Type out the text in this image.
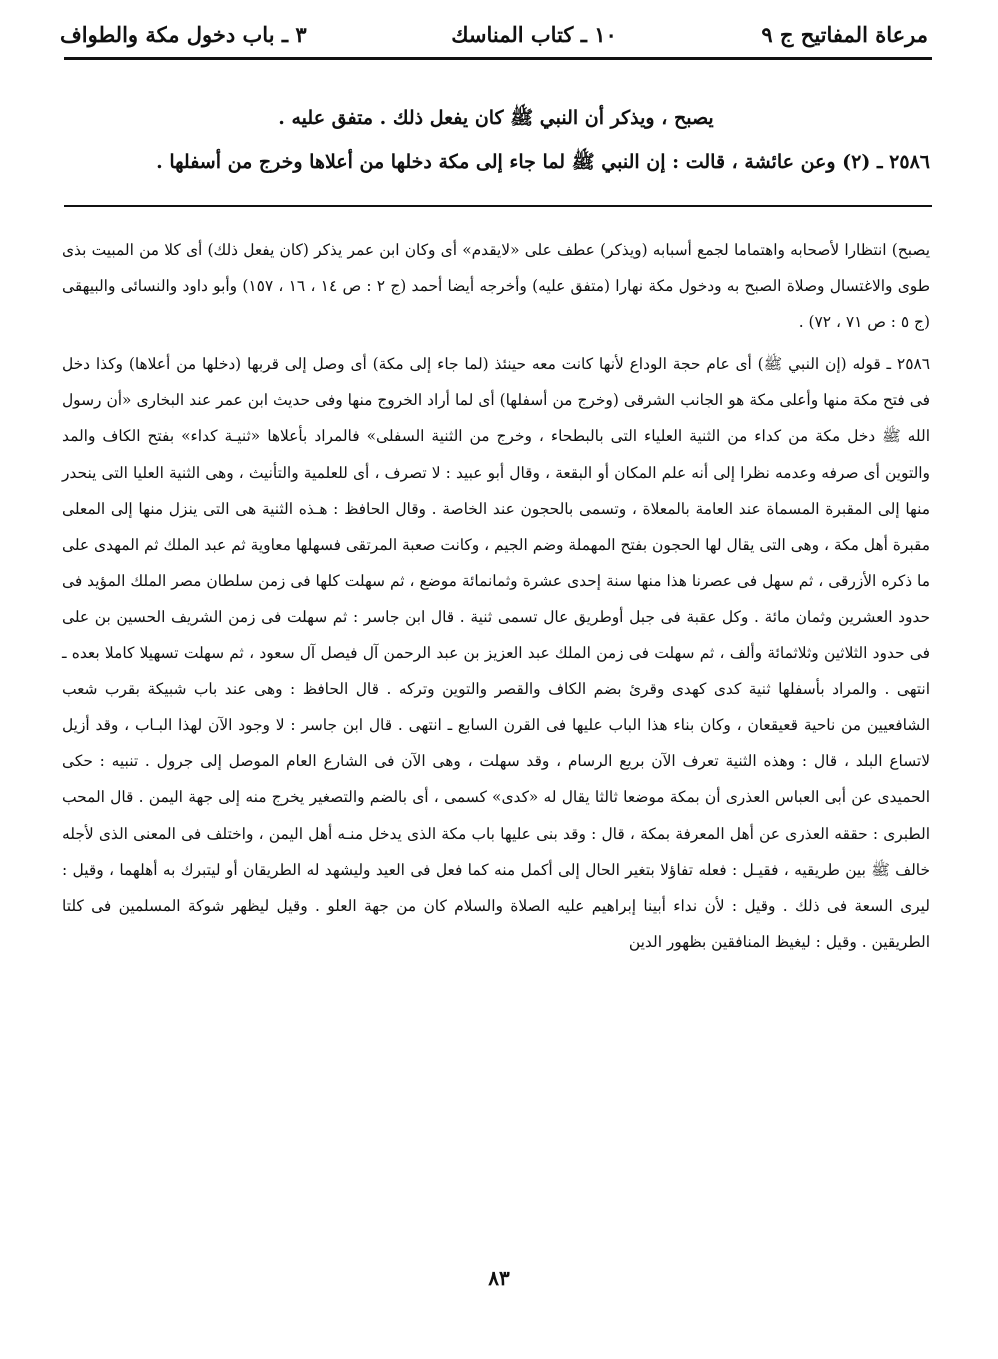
مرعاة المفاتيح ج ٩
١٠ ـ كتاب المناسك
٣ ـ باب دخول مكة والطواف

يصبح ، ويذكر أن النبي ﷺ كان يفعل ذلك . متفق عليه .

٢٥٨٦ ـ (٢) وعن عائشة ، قالت : إن النبي ﷺ لما جاء إلى مكة دخلها من أعلاها وخرج من أسفلها .

يصبح) انتظارا لأصحابه واهتماما لجمع أسبابه (ويذكر) عطف على «لايقدم» أى وكان ابن عمر يذكر (كان يفعل ذلك) أى كلا من المبيت بذى طوى والاغتسال وصلاة الصبح به ودخول مكة نهارا (متفق عليه) وأخرجه أيضا أحمد (ج ٢ : ص ١٤ ، ١٦ ، ١٥٧) وأبو داود والنسائى والبيهقى (ج ٥ : ص ٧١ ، ٧٢) .

٢٥٨٦ ـ قوله (إن النبي ﷺ) أى عام حجة الوداع لأنها كانت معه حينئذ (لما جاء إلى مكة) أى وصل إلى قربها (دخلها من أعلاها) وكذا دخل فى فتح مكة منها وأعلى مكة هو الجانب الشرقى (وخرج من أسفلها) أى لما أراد الخروج منها وفى حديث ابن عمر عند البخارى «أن رسول الله ﷺ دخل مكة من كداء من الثنية العلياء التى بالبطحاء ، وخرج من الثنية السفلى» فالمراد بأعلاها «ثنيـة كداء» بفتح الكاف والمد والتوين أى صرفه وعدمه نظرا إلى أنه علم المكان أو البقعة ، وقال أبو عبيد : لا تصرف ، أى للعلمية والتأنيث ، وهى الثنية العليا التى ينحدر منها إلى المقبرة المسماة عند العامة بالمعلاة ، وتسمى بالحجون عند الخاصة . وقال الحافظ : هـذه الثنية هى التى ينزل منها إلى المعلى مقبرة أهل مكة ، وهى التى يقال لها الحجون بفتح المهملة وضم الجيم ، وكانت صعبة المرتقى فسهلها معاوية ثم عبد الملك ثم المهدى على ما ذكره الأزرقى ، ثم سهل فى عصرنا هذا منها سنة إحدى عشرة وثمانمائة موضع ، ثم سهلت كلها فى زمن سلطان مصر الملك المؤيد فى حدود العشرين وثمان مائة . وكل عقبة فى جبل أوطريق عال تسمى ثنية . قال ابن جاسر : ثم سهلت فى زمن الشريف الحسين بن على فى حدود الثلاثين وثلاثمائة وألف ، ثم سهلت فى زمن الملك عبد العزيز بن عبد الرحمن آل فيصل آل سعود ، ثم سهلت تسهيلا كاملا بعده ـ انتهى . والمراد بأسفلها ثنية كدى كهدى وقرئ بضم الكاف والقصر والتوين وتركه . قال الحافظ : وهى عند باب شبيكة بقرب شعب الشافعيين من ناحية قعيقعان ، وكان بناء هذا الباب عليها فى القرن السابع ـ انتهى . قال ابن جاسر : لا وجود الآن لهذا البـاب ، وقد أزيل لاتساع البلد ، قال : وهذه الثنية تعرف الآن بريع الرسام ، وقد سهلت ، وهى الآن فى الشارع العام الموصل إلى جرول . تنبيه : حكى الحميدى عن أبى العباس العذرى أن بمكة موضعا ثالثا يقال له «كدى» كسمى ، أى بالضم والتصغير يخرج منه إلى جهة اليمن . قال المحب الطبرى : حققه العذرى عن أهل المعرفة بمكة ، قال : وقد بنى عليها باب مكة الذى يدخل منـه أهل اليمن ، واختلف فى المعنى الذى لأجله خالف ﷺ بين طريقيه ، فقيـل : فعله تفاؤلا بتغير الحال إلى أكمل منه كما فعل فى العيد وليشهد له الطريقان أو ليتبرك به أهلهما ، وقيل : ليرى السعة فى ذلك . وقيل : لأن نداء أبينا إبراهيم عليه الصلاة والسلام كان من جهة العلو . وقيل ليظهر شوكة المسلمين فى كلتا الطريقين . وقيل : ليغيظ المنافقين بظهور الدين

٨٣
